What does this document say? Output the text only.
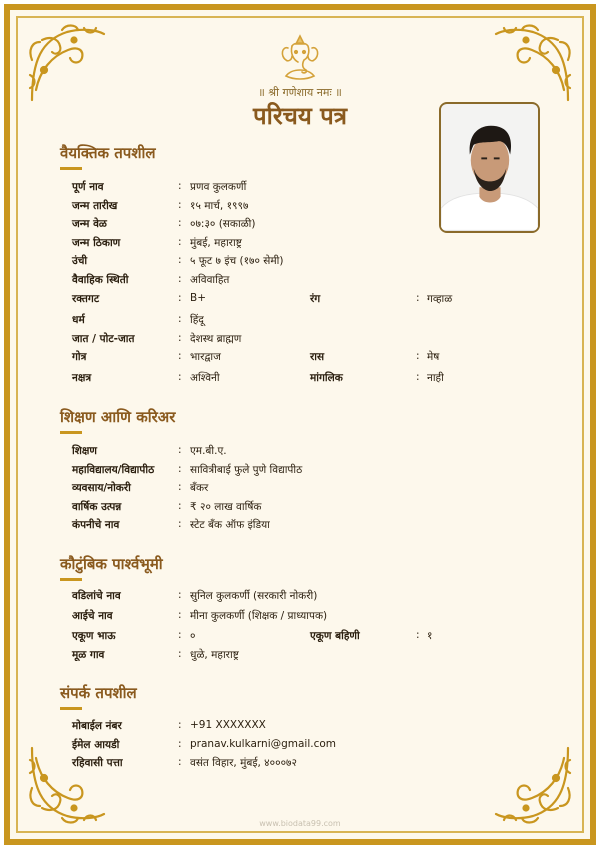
॥ श्री गणेशाय नमः ॥
परिचय पत्र
वैयक्तिक तपशील
पूर्ण नाव	: प्रणव कुलकर्णी
जन्म तारीख	: १५ मार्च, १९९७
जन्म वेळ	: ०७:३० (सकाळी)
जन्म ठिकाण	: मुंबई, महाराष्ट्र
उंची	: ५ फूट ७ इंच (१७० सेमी)
वैवाहिक स्थिती	: अविवाहित
रक्तगट	: B+	रंग	: गव्हाळ
धर्म	: हिंदू
जात / पोट-जात	: देशस्थ ब्राह्मण
गोत्र	: भारद्वाज	रास	: मेष
नक्षत्र	: अश्विनी	मांगलिक	: नाही
शिक्षण आणि करिअर
शिक्षण	: एम.बी.ए.
महाविद्यालय/विद्यापीठ : सावित्रीबाई फुले पुणे विद्यापीठ
व्यवसाय/नोकरी	: बँकर
वार्षिक उत्पन्न	: ₹ २० लाख वार्षिक
कंपनीचे नाव	: स्टेट बँक ऑफ इंडिया
कौटुंबिक पार्श्वभूमी
वडिलांचे नाव	: सुनिल कुलकर्णी (सरकारी नोकरी)
आईचे नाव	: मीना कुलकर्णी (शिक्षक / प्राध्यापक)
एकूण भाऊ	: ०	एकूण बहिणी	: १
मूळ गाव	: धुळे, महाराष्ट्र
संपर्क तपशील
मोबाईल नंबर	: +91 XXXXXXX
ईमेल आयडी	: pranav.kulkarni@gmail.com
रहिवासी पत्ता	: वसंत विहार, मुंबई, ४०००७२
www.biodata99.com
